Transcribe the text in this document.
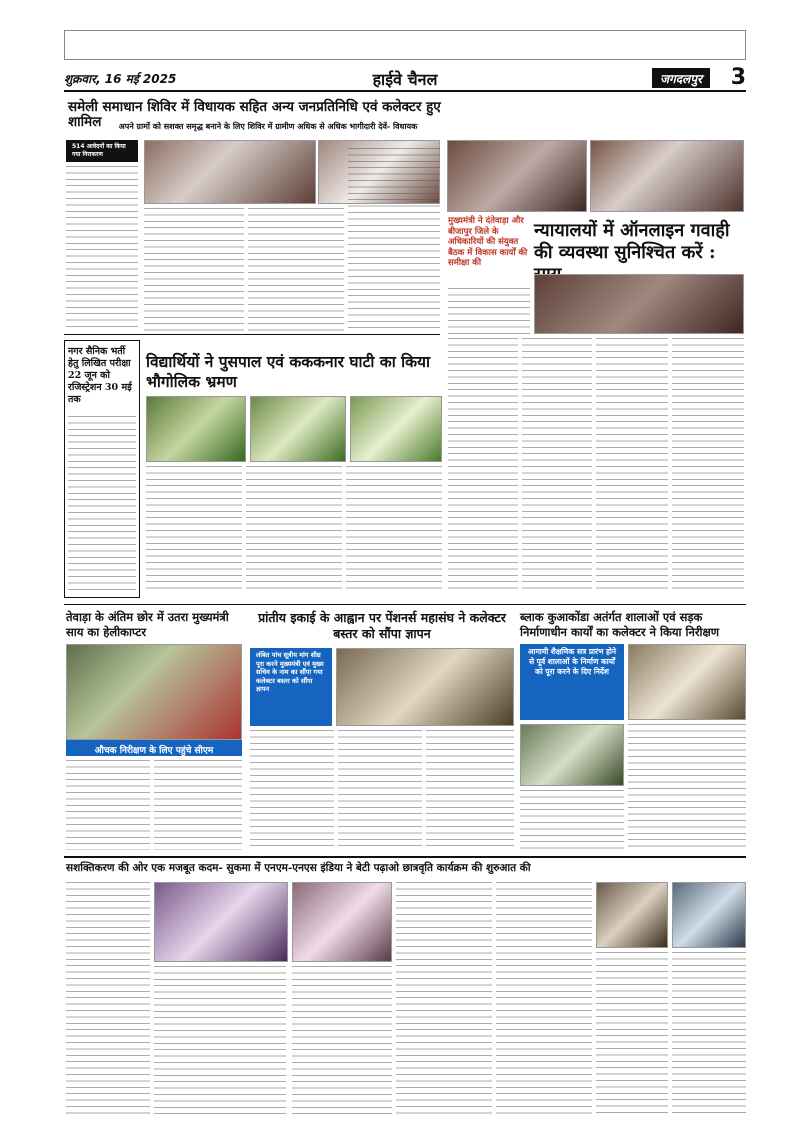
शुक्रवार, 16 मई 2025	हाईवे चैनल	जगदलपुर	3
समेली समाधान शिविर में विधायक सहित अन्य जनप्रतिनिधि एवं कलेक्टर हुए शामिल	अपने ग्रामों को सशक्त समृद्ध बनाने के लिए शिविर में ग्रामीण अधिक से अधिक भागीदारी देवें- विधायक
514 आवेदनों का किया गया निराकरण
मुख्यमंत्री ने दंतेवाड़ा और बीजापुर जिले के अधिकारियों की संयुक्त बैठक में विकास कार्यों की समीक्षा की
न्यायालयों में ऑनलाइन गवाही की व्यवस्था सुनिश्चित करें :
नगर सैनिक भर्ती हेतु लिखित परीक्षा 22 जून को रजिस्ट्रेशन 30 मई तक
विद्यार्थियों ने पुसपाल एवं कककनार घाटी का किया भौगोलिक भ्रमण
तेवाड़ा के अंतिम छोर में उतरा मुख्यमंत्री साय का हेलीकाप्टर
औचक निरीक्षण के लिए पहुंचे सीएम
प्रांतीय इकाई के आह्वान पर पेंशनर्स महासंघ ने कलेक्टर बस्तर को सौंपा ज्ञापन
लंबित पांच सूत्रीय मांग शीघ्र पूरा करने मुख्यमंत्री एवं मुख्य सचिव के नाम का सौंपा गया कलेक्टर बस्तर को सौंपा ज्ञापन
ब्लाक कुआकोंडा अतंर्गत शालाओं एवं सड़क निर्माणाधीन कार्यों का कलेक्टर ने किया निरीक्षण
आगामी शैक्षणिक सत्र प्रारंभ होने से पूर्व शालाओं के निर्माण कार्यों को पूरा करने के दिए निर्देश
सशक्तिकरण की ओर एक मजबूत कदम- सुकमा में एनएम-एनएस इंडिया ने बेटी पढ़ाओ छात्रवृति कार्यक्रम की शुरुआत की
